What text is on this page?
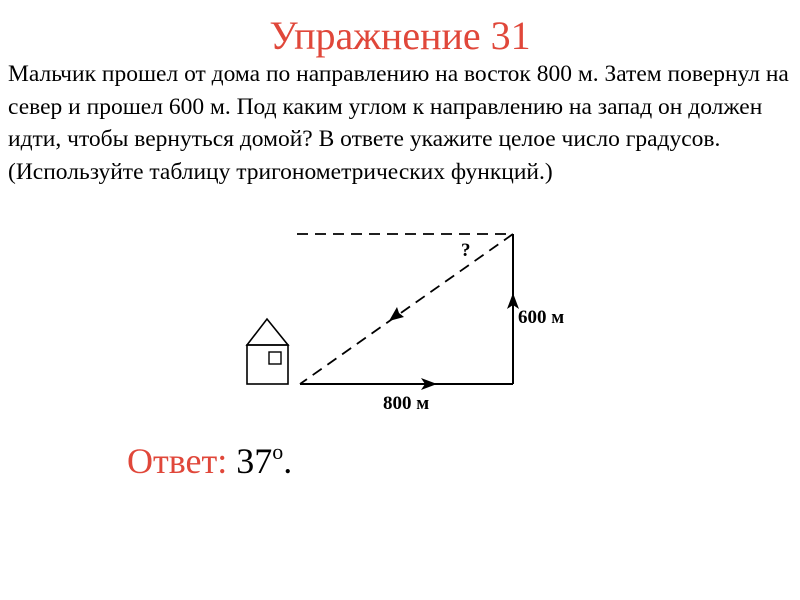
Упражнение 31

Мальчик прошел от дома по направлению на восток 800 м. Затем повернул на север и прошел 600 м. Под каким углом к направлению на запад он должен идти, чтобы вернуться домой? В ответе укажите целое число градусов. (Используйте таблицу тригонометрических функций.)

?
600 м
800 м
Ответ: 37$^o$.
